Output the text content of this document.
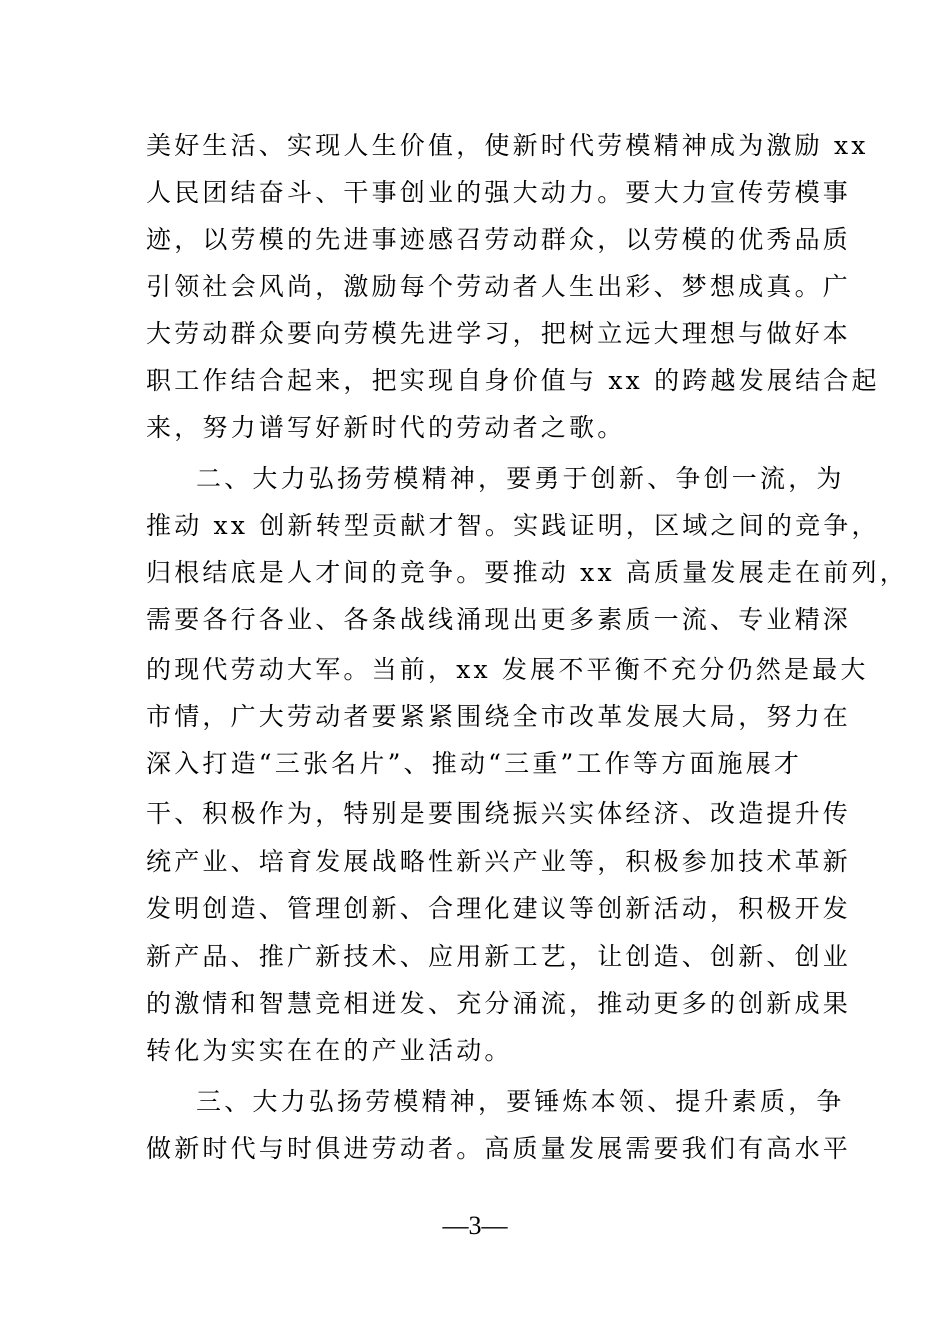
美好生活、实现人生价值，使新时代劳模精神成为激励 xx
人民团结奋斗、干事创业的强大动力。要大力宣传劳模事
迹，以劳模的先进事迹感召劳动群众，以劳模的优秀品质
引领社会风尚，激励每个劳动者人生出彩、梦想成真。广
大劳动群众要向劳模先进学习，把树立远大理想与做好本
职工作结合起来，把实现自身价值与 xx 的跨越发展结合起
来，努力谱写好新时代的劳动者之歌。
二、大力弘扬劳模精神，要勇于创新、争创一流，为
推动 xx 创新转型贡献才智。实践证明，区域之间的竞争，
归根结底是人才间的竞争。要推动 xx 高质量发展走在前列，
需要各行各业、各条战线涌现出更多素质一流、专业精深
的现代劳动大军。当前，xx 发展不平衡不充分仍然是最大
市情，广大劳动者要紧紧围绕全市改革发展大局，努力在
深入打造“三张名片”、推动“三重”工作等方面施展才
干、积极作为，特别是要围绕振兴实体经济、改造提升传
统产业、培育发展战略性新兴产业等，积极参加技术革新
发明创造、管理创新、合理化建议等创新活动，积极开发
新产品、推广新技术、应用新工艺，让创造、创新、创业
的激情和智慧竞相迸发、充分涌流，推动更多的创新成果
转化为实实在在的产业活动。
三、大力弘扬劳模精神，要锤炼本领、提升素质，争
做新时代与时俱进劳动者。高质量发展需要我们有高水平
—3—
